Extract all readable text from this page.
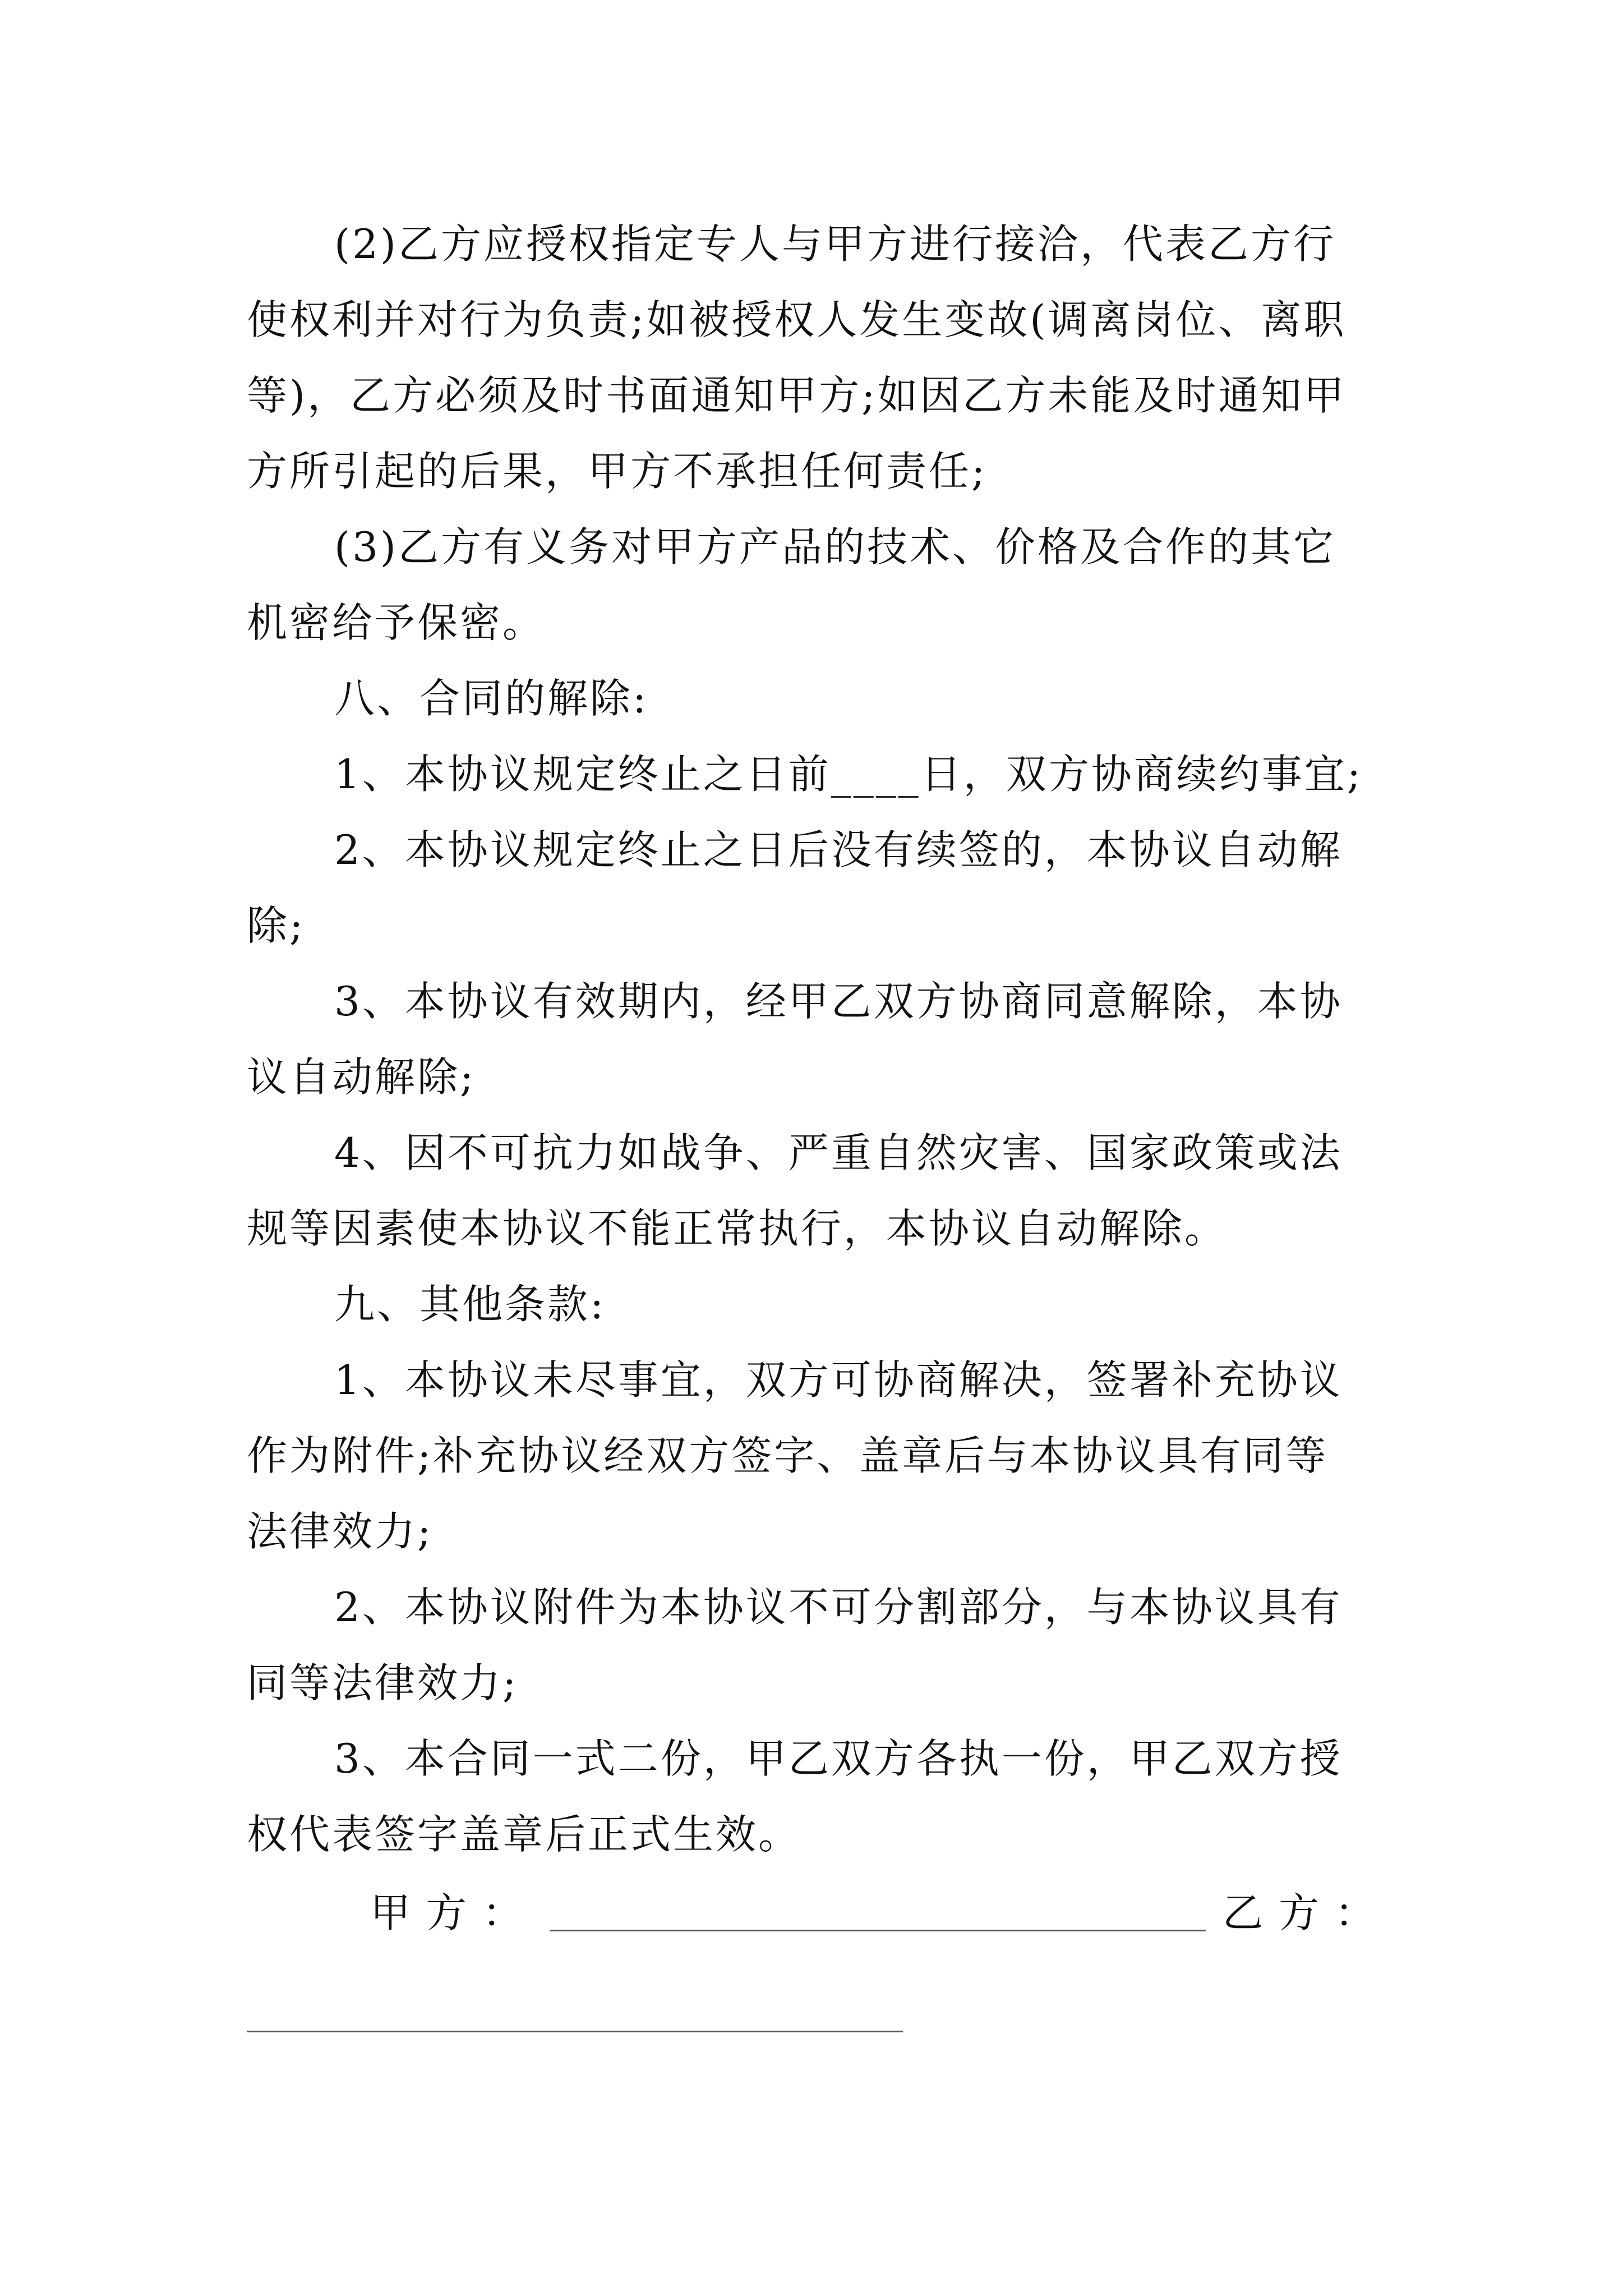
(2)乙方应授权指定专人与甲方进行接洽，代表乙方行
使权利并对行为负责;如被授权人发生变故(调离岗位、离职
等)，乙方必须及时书面通知甲方;如因乙方未能及时通知甲
方所引起的后果，甲方不承担任何责任;
(3)乙方有义务对甲方产品的技术、价格及合作的其它
机密给予保密。
八、合同的解除:
1、本协议规定终止之日前____日，双方协商续约事宜;
2、本协议规定终止之日后没有续签的，本协议自动解
除;
3、本协议有效期内，经甲乙双方协商同意解除，本协
议自动解除;
4、因不可抗力如战争、严重自然灾害、国家政策或法
规等因素使本协议不能正常执行，本协议自动解除。
九、其他条款:
1、本协议未尽事宜，双方可协商解决，签署补充协议
作为附件;补充协议经双方签字、盖章后与本协议具有同等
法律效力;
2、本协议附件为本协议不可分割部分，与本协议具有
同等法律效力;
3、本合同一式二份，甲乙双方各执一份，甲乙双方授
权代表签字盖章后正式生效。
甲方：	乙方：
